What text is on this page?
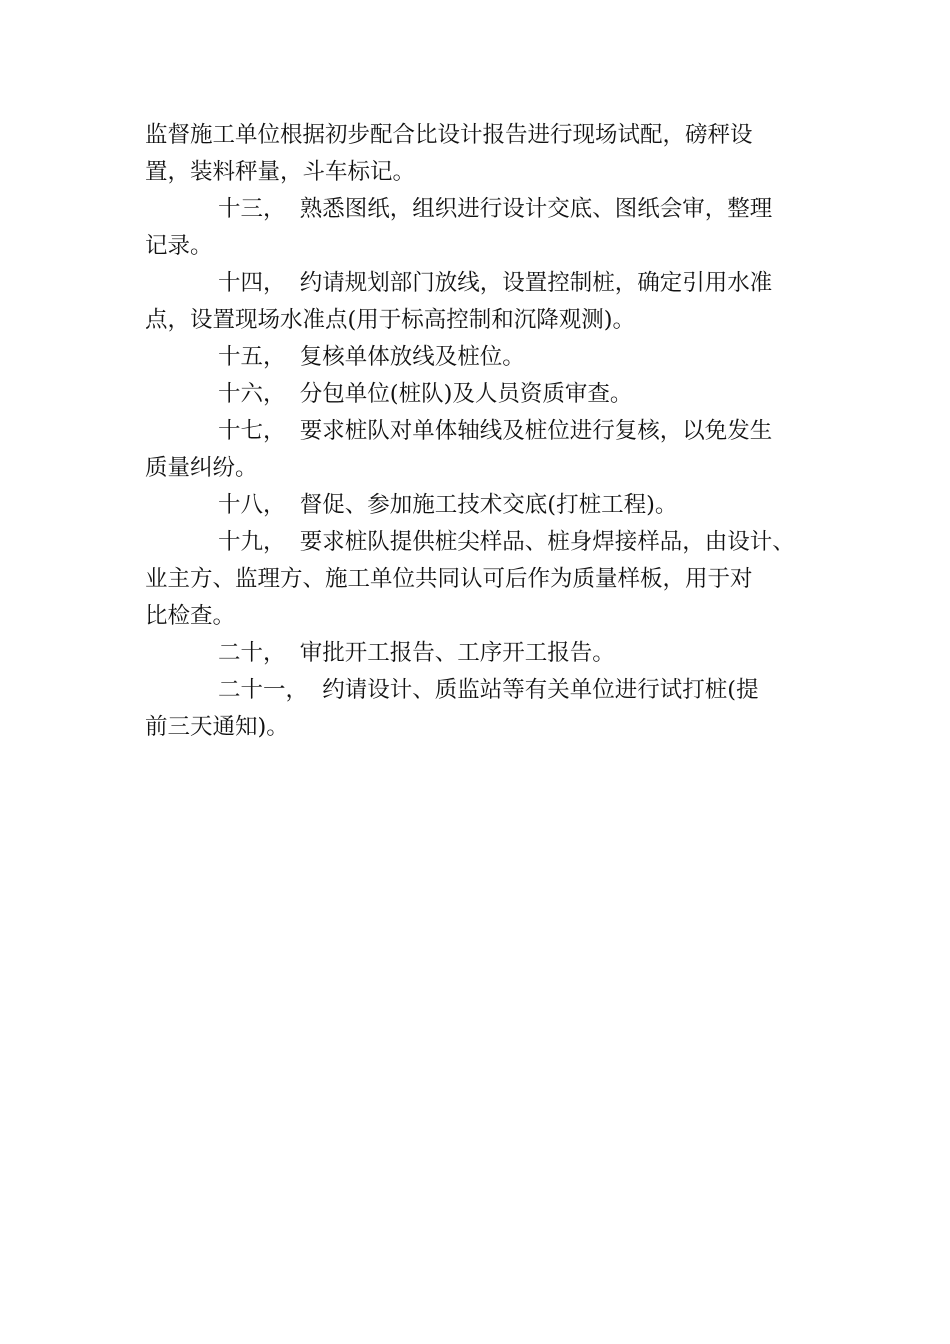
监督施工单位根据初步配合比设计报告进行现场试配，磅秤设
置，装料秤量，斗车标记。
十三，  熟悉图纸，组织进行设计交底、图纸会审，整理
记录。
十四，  约请规划部门放线，设置控制桩，确定引用水准
点，设置现场水准点(用于标高控制和沉降观测)。
十五，  复核单体放线及桩位。
十六，  分包单位(桩队)及人员资质审查。
十七，  要求桩队对单体轴线及桩位进行复核，以免发生
质量纠纷。
十八，  督促、参加施工技术交底(打桩工程)。
十九，  要求桩队提供桩尖样品、桩身焊接样品，由设计、
业主方、监理方、施工单位共同认可后作为质量样板，用于对
比检查。
二十，  审批开工报告、工序开工报告。
二十一，  约请设计、质监站等有关单位进行试打桩(提
前三天通知)。
